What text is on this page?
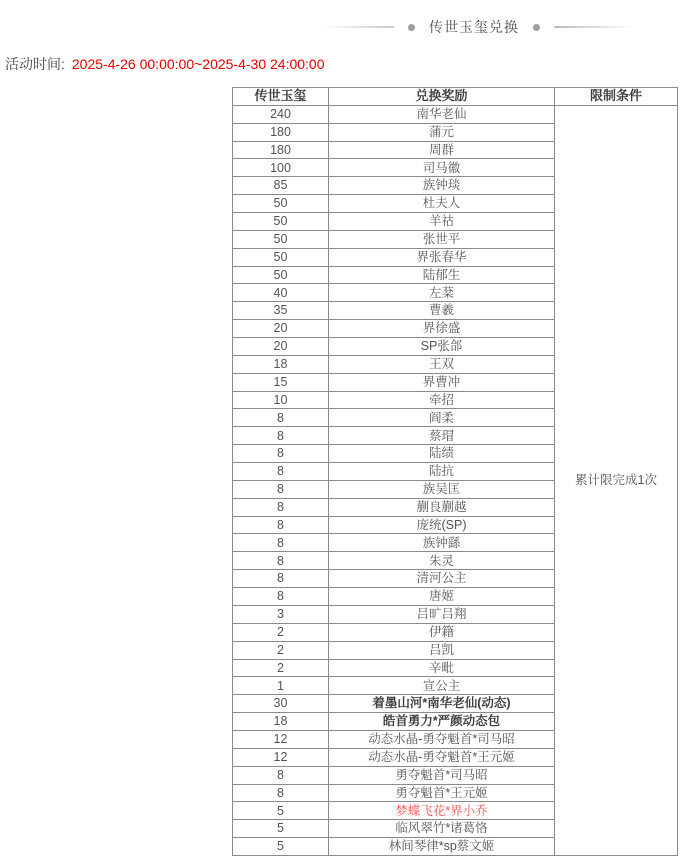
传世玉玺兑换
活动时间: 2025-4-26 00:00:00~2025-4-30 24:00:00
传世玉玺	兑换奖励	限制条件
240	南华老仙	累计限完成1次
180	蒲元	
180	周群	
100	司马徽	
85	族钟琰	
50	杜夫人	
50	羊祜	
50	张世平	
50	界张春华	
50	陆郁生	
40	左棻	
35	曹羲	
20	界徐盛	
20	SP张郃	
18	王双	
15	界曹冲	
10	牵招	
8	阎柔	
8	蔡瑁	
8	陆绩	
8	陆抗	
8	族吴匡	
8	蒯良蒯越	
8	庞统(SP)	
8	族钟繇	
8	朱灵	
8	清河公主	
8	唐姬	
3	吕旷吕翔	
2	伊籍	
2	吕凯	
2	辛毗	
1	宣公主	
30	着墨山河*南华老仙(动态)	
18	皓首勇力*严颜动态包	
12	动态水晶-勇夺魁首*司马昭	
12	动态水晶-勇夺魁首*王元姬	
8	勇夺魁首*司马昭	
8	勇夺魁首*王元姬	
5	梦蝶飞花*界小乔	
5	临风翠竹*诸葛恪	
5	林间琴律*sp蔡文姬	
